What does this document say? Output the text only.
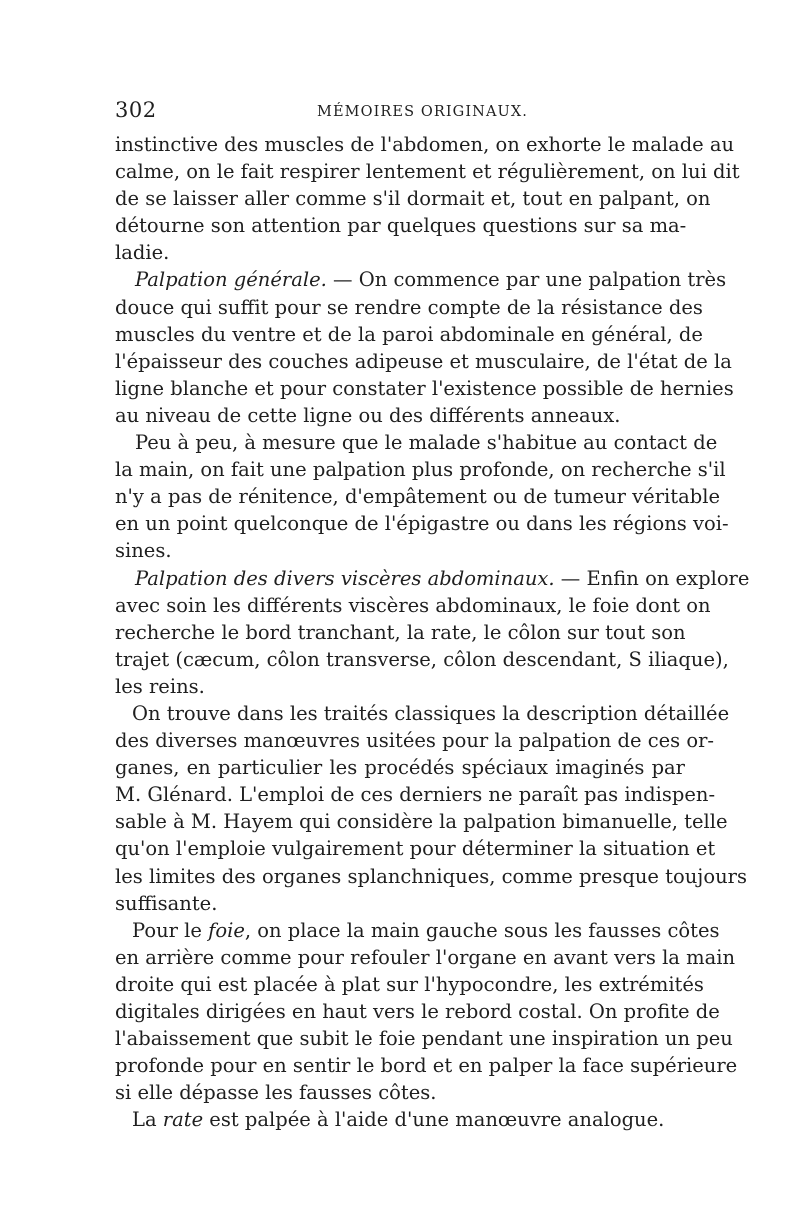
302	MÉMOIRES ORIGINAUX.
instinctive des muscles de l'abdomen, on exhorte le malade au
calme, on le fait respirer lentement et régulièrement, on lui dit
de se laisser aller comme s'il dormait et, tout en palpant, on
détourne son attention par quelques questions sur sa ma-
ladie.
Palpation générale. — On commence par une palpation très
douce qui suffit pour se rendre compte de la résistance des
muscles du ventre et de la paroi abdominale en général, de
l'épaisseur des couches adipeuse et musculaire, de l'état de la
ligne blanche et pour constater l'existence possible de hernies
au niveau de cette ligne ou des différents anneaux.
Peu à peu, à mesure que le malade s'habitue au contact de
la main, on fait une palpation plus profonde, on recherche s'il
n'y a pas de rénitence, d'empâtement ou de tumeur véritable
en un point quelconque de l'épigastre ou dans les régions voi-
sines.
Palpation des divers viscères abdominaux. — Enfin on explore
avec soin les différents viscères abdominaux, le foie dont on
recherche le bord tranchant, la rate, le côlon sur tout son
trajet (cæcum, côlon transverse, côlon descendant, S iliaque),
les reins.
On trouve dans les traités classiques la description détaillée
des diverses manœuvres usitées pour la palpation de ces or-
ganes, en particulier les procédés spéciaux imaginés par
M. Glénard. L'emploi de ces derniers ne paraît pas indispen-
sable à M. Hayem qui considère la palpation bimanuelle, telle
qu'on l'emploie vulgairement pour déterminer la situation et
les limites des organes splanchniques, comme presque toujours
suffisante.
Pour le foie, on place la main gauche sous les fausses côtes
en arrière comme pour refouler l'organe en avant vers la main
droite qui est placée à plat sur l'hypocondre, les extrémités
digitales dirigées en haut vers le rebord costal. On profite de
l'abaissement que subit le foie pendant une inspiration un peu
profonde pour en sentir le bord et en palper la face supérieure
si elle dépasse les fausses côtes.
La rate est palpée à l'aide d'une manœuvre analogue.
